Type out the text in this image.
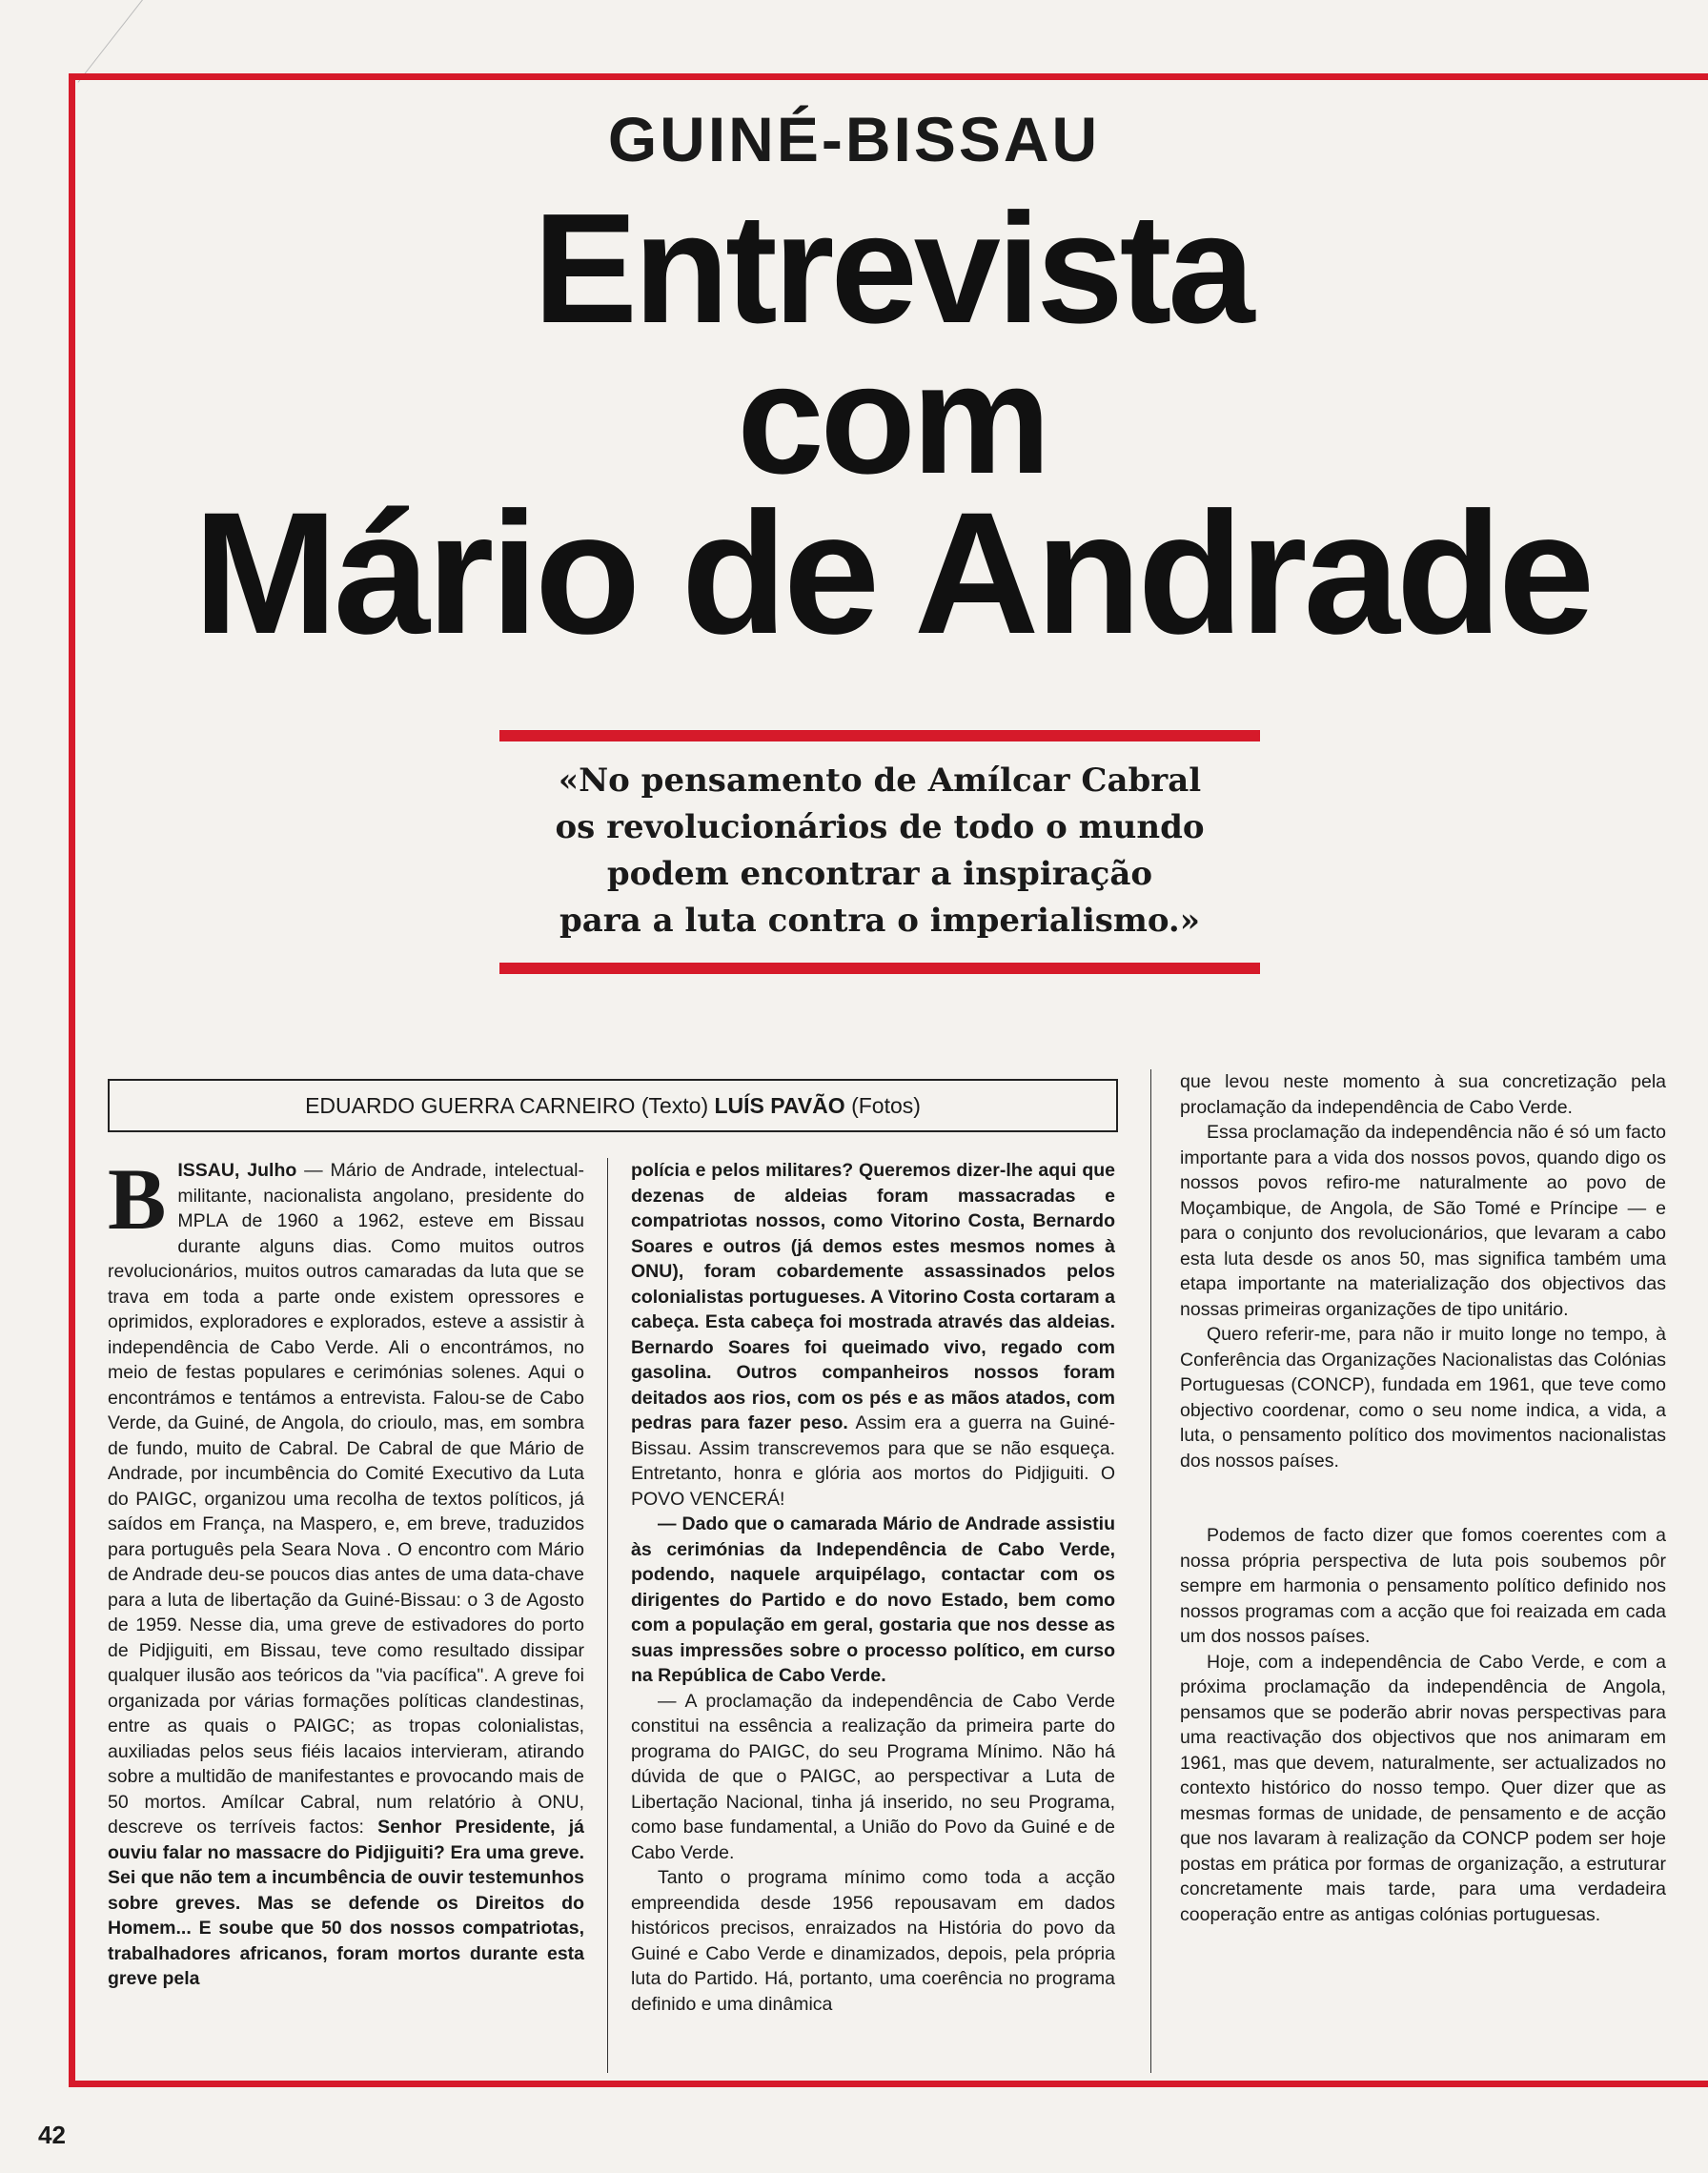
GUINÉ-BISSAU
Entrevista
com
Mário de Andrade
«No pensamento de Amílcar Cabral
os revolucionários de todo o mundo
podem encontrar a inspiração
para a luta contra o imperialismo.»
EDUARDO GUERRA CARNEIRO (Texto) LUÍS PAVÃO (Fotos)

BISSAU, Julho — Mário de Andrade, intelectual-militante, nacionalista angolano, presidente do MPLA de 1960 a 1962, esteve em Bissau durante alguns dias. Como muitos outros revolucionários, muitos outros camaradas da luta que se trava em toda a parte onde existem opressores e oprimidos, exploradores e explorados, esteve a assistir à independência de Cabo Verde. Ali o encontrámos, no meio de festas populares e cerimónias solenes. Aqui o encontrámos e tentámos a entrevista. Falou-se de Cabo Verde, da Guiné, de Angola, do crioulo, mas, em sombra de fundo, muito de Cabral. De Cabral de que Mário de Andrade, por incumbência do Comité Executivo da Luta do PAIGC, organizou uma recolha de textos políticos, já saídos em França, na Maspero, e, em breve, traduzidos para português pela Seara Nova . O encontro com Mário de Andrade deu-se poucos dias antes de uma data-chave para a luta de libertação da Guiné-Bissau: o 3 de Agosto de 1959. Nesse dia, uma greve de estivadores do porto de Pidjiguiti, em Bissau, teve como resultado dissipar qualquer ilusão aos teóricos da "via pacífica". A greve foi organizada por várias formações políticas clandestinas, entre as quais o PAIGC; as tropas colonialistas, auxiliadas pelos seus fiéis lacaios intervieram, atirando sobre a multidão de manifestantes e provocando mais de 50 mortos. Amílcar Cabral, num relatório à ONU, descreve os terríveis factos: Senhor Presidente, já ouviu falar no massacre do Pidjiguiti? Era uma greve. Sei que não tem a incumbência de ouvir testemunhos sobre greves. Mas se defende os Direitos do Homem... E soube que 50 dos nossos compatriotas, trabalhadores africanos, foram mortos durante esta greve pela

polícia e pelos militares? Queremos dizer-lhe aqui que dezenas de aldeias foram massacradas e compatriotas nossos, como Vitorino Costa, Bernardo Soares e outros (já demos estes mesmos nomes à ONU), foram cobardemente assassinados pelos colonialistas portugueses. A Vitorino Costa cortaram a cabeça. Esta cabeça foi mostrada através das aldeias. Bernardo Soares foi queimado vivo, regado com gasolina. Outros companheiros nossos foram deitados aos rios, com os pés e as mãos atados, com pedras para fazer peso. Assim era a guerra na Guiné-Bissau. Assim transcrevemos para que se não esqueça. Entretanto, honra e glória aos mortos do Pidjiguiti. O POVO VENCERÁ!

— Dado que o camarada Mário de Andrade assistiu às cerimónias da Independência de Cabo Verde, podendo, naquele arquipélago, contactar com os dirigentes do Partido e do novo Estado, bem como com a população em geral, gostaria que nos desse as suas impressões sobre o processo político, em curso na República de Cabo Verde.

— A proclamação da independência de Cabo Verde constitui na essência a realização da primeira parte do programa do PAIGC, do seu Programa Mínimo. Não há dúvida de que o PAIGC, ao perspectivar a Luta de Libertação Nacional, tinha já inserido, no seu Programa, como base fundamental, a União do Povo da Guiné e de Cabo Verde.

Tanto o programa mínimo como toda a acção empreendida desde 1956 repousavam em dados históricos precisos, enraizados na História do povo da Guiné e Cabo Verde e dinamizados, depois, pela própria luta do Partido. Há, portanto, uma coerência no programa definido e uma dinâmica

que levou neste momento à sua concretização pela proclamação da independência de Cabo Verde.

Essa proclamação da independência não é só um facto importante para a vida dos nossos povos, quando digo os nossos povos refiro-me naturalmente ao povo de Moçambique, de Angola, de São Tomé e Príncipe — e para o conjunto dos revolucionários, que levaram a cabo esta luta desde os anos 50, mas significa também uma etapa importante na materialização dos objectivos das nossas primeiras organizações de tipo unitário.

Quero referir-me, para não ir muito longe no tempo, à Conferência das Organizações Nacionalistas das Colónias Portuguesas (CONCP), fundada em 1961, que teve como objectivo coordenar, como o seu nome indica, a vida, a luta, o pensamento político dos movimentos nacionalistas dos nossos países.

Podemos de facto dizer que fomos coerentes com a nossa própria perspectiva de luta pois soubemos pôr sempre em harmonia o pensamento político definido nos nossos programas com a acção que foi reaizada em cada um dos nossos países.

Hoje, com a independência de Cabo Verde, e com a próxima proclamação da independência de Angola, pensamos que se poderão abrir novas perspectivas para uma reactivação dos objectivos que nos animaram em 1961, mas que devem, naturalmente, ser actualizados no contexto histórico do nosso tempo. Quer dizer que as mesmas formas de unidade, de pensamento e de acção que nos lavaram à realização da CONCP podem ser hoje postas em prática por formas de organização, a estruturar concretamente mais tarde, para uma verdadeira cooperação entre as antigas colónias portuguesas.

42
